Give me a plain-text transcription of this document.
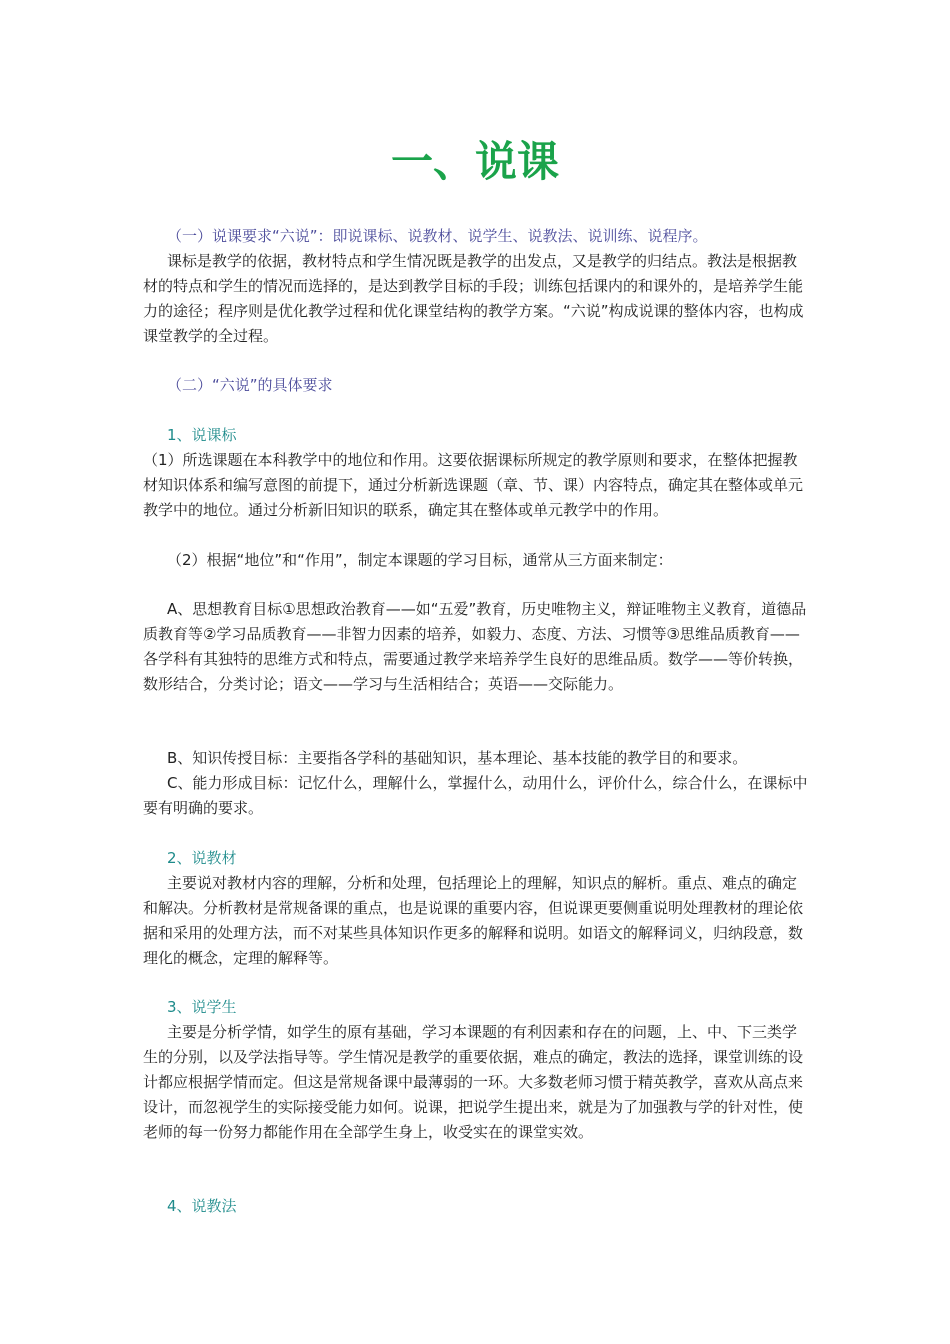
一、说课

（一）说课要求“六说”：即说课标、说教材、说学生、说教法、说训练、说程序。

课标是教学的依据，教材特点和学生情况既是教学的出发点，又是教学的归结点。教法是根据教材的特点和学生的情况而选择的，是达到教学目标的手段；训练包括课内的和课外的，是培养学生能力的途径；程序则是优化教学过程和优化课堂结构的教学方案。“六说”构成说课的整体内容，也构成课堂教学的全过程。

（二）“六说”的具体要求

1、说课标

（1）所选课题在本科教学中的地位和作用。这要依据课标所规定的教学原则和要求，在整体把握教材知识体系和编写意图的前提下，通过分析新选课题（章、节、课）内容特点，确定其在整体或单元教学中的地位。通过分析新旧知识的联系，确定其在整体或单元教学中的作用。

（2）根据“地位”和“作用”，制定本课题的学习目标，通常从三方面来制定：

A、思想教育目标①思想政治教育——如“五爱”教育，历史唯物主义，辩证唯物主义教育，道德品质教育等②学习品质教育——非智力因素的培养，如毅力、态度、方法、习惯等③思维品质教育——各学科有其独特的思维方式和特点，需要通过教学来培养学生良好的思维品质。数学——等价转换，数形结合，分类讨论；语文——学习与生活相结合；英语——交际能力。

B、知识传授目标：主要指各学科的基础知识，基本理论、基本技能的教学目的和要求。

C、能力形成目标：记忆什么，理解什么，掌握什么，动用什么，评价什么，综合什么，在课标中要有明确的要求。

2、说教材

主要说对教材内容的理解，分析和处理，包括理论上的理解，知识点的解析。重点、难点的确定和解决。分析教材是常规备课的重点，也是说课的重要内容，但说课更要侧重说明处理教材的理论依据和采用的处理方法，而不对某些具体知识作更多的解释和说明。如语文的解释词义，归纳段意，数理化的概念，定理的解释等。

3、说学生

主要是分析学情，如学生的原有基础，学习本课题的有利因素和存在的问题，上、中、下三类学生的分别，以及学法指导等。学生情况是教学的重要依据，难点的确定，教法的选择，课堂训练的设计都应根据学情而定。但这是常规备课中最薄弱的一环。大多数老师习惯于精英教学，喜欢从高点来设计，而忽视学生的实际接受能力如何。说课，把说学生提出来，就是为了加强教与学的针对性，使老师的每一份努力都能作用在全部学生身上，收受实在的课堂实效。

4、说教法
